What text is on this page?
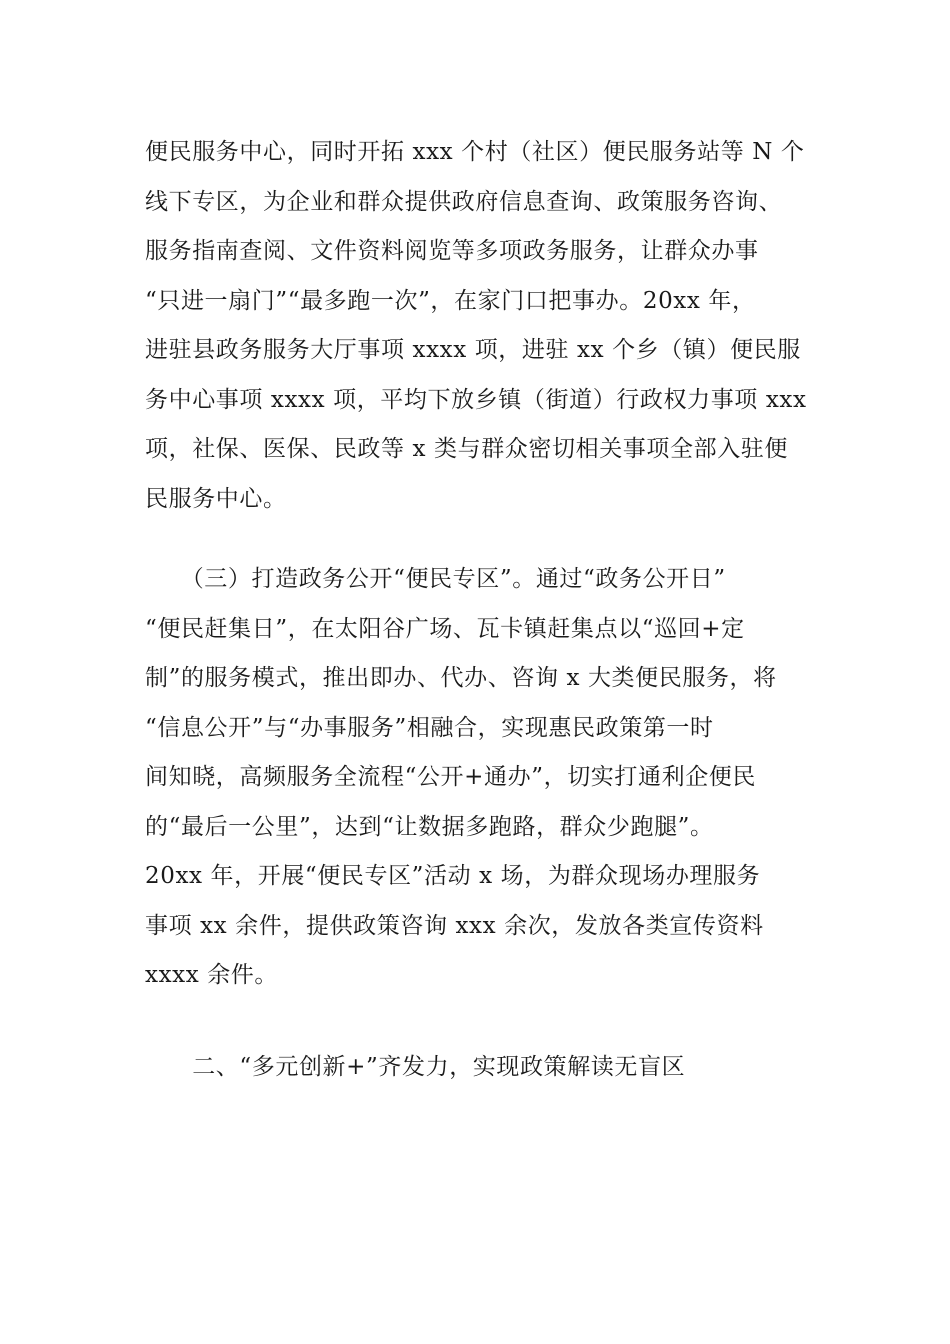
便民服务中心，同时开拓 xxx 个村（社区）便民服务站等 N 个
线下专区，为企业和群众提供政府信息查询、政策服务咨询、
服务指南查阅、文件资料阅览等多项政务服务，让群众办事
“只进一扇门”“最多跑一次”，在家门口把事办。20xx 年，
进驻县政务服务大厅事项 xxxx 项，进驻 xx 个乡（镇）便民服
务中心事项 xxxx 项，平均下放乡镇（街道）行政权力事项 xxx
项，社保、医保、民政等 x 类与群众密切相关事项全部入驻便
民服务中心。
　　（三）打造政务公开“便民专区”。通过“政务公开日”
“便民赶集日”，在太阳谷广场、瓦卡镇赶集点以“巡回+定
制”的服务模式，推出即办、代办、咨询 x 大类便民服务，将
“信息公开”与“办事服务”相融合，实现惠民政策第一时
间知晓，高频服务全流程“公开+通办”，切实打通利企便民
的“最后一公里”，达到“让数据多跑路，群众少跑腿”。
20xx 年，开展“便民专区”活动 x 场，为群众现场办理服务
事项 xx 余件，提供政策咨询 xxx 余次，发放各类宣传资料
xxxx 余件。
　　二、“多元创新+”齐发力，实现政策解读无盲区
